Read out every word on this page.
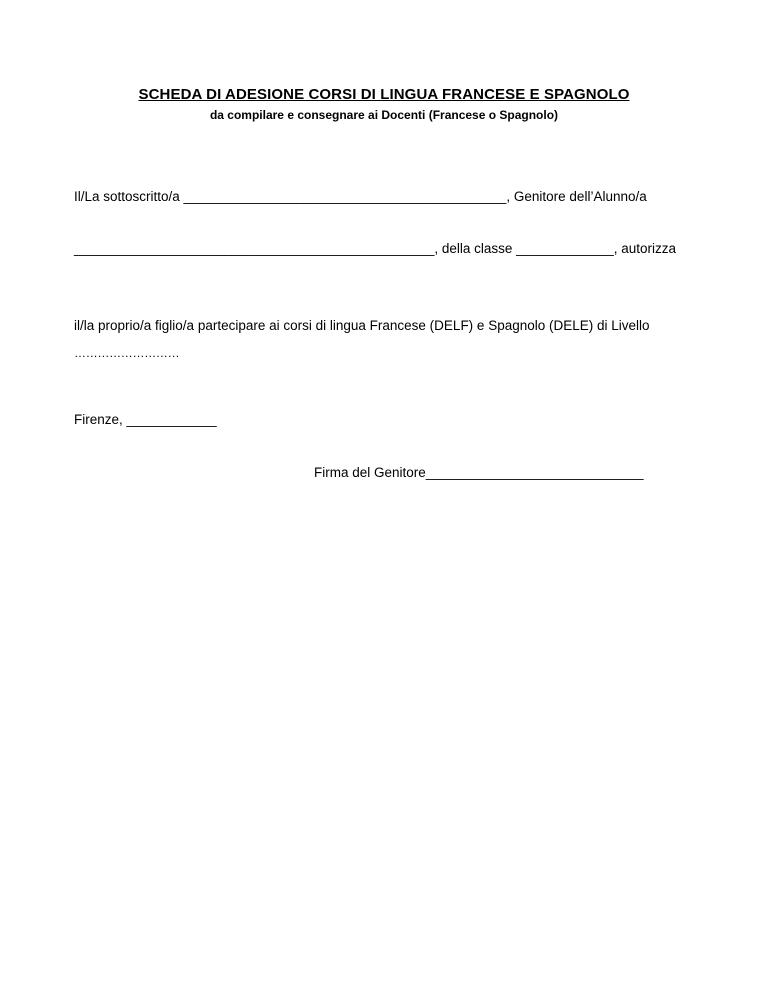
SCHEDA DI ADESIONE CORSI DI LINGUA FRANCESE E SPAGNOLO
da compilare e consegnare ai Docenti (Francese o Spagnolo)
Il/La sottoscritto/a ___________________________________________, Genitore dell’Alunno/a
________________________________________________, della classe _____________, autorizza
il/la proprio/a figlio/a partecipare ai corsi di lingua Francese (DELF) e Spagnolo (DELE) di Livello
………………………
Firenze, ____________
Firma del Genitore_____________________________
